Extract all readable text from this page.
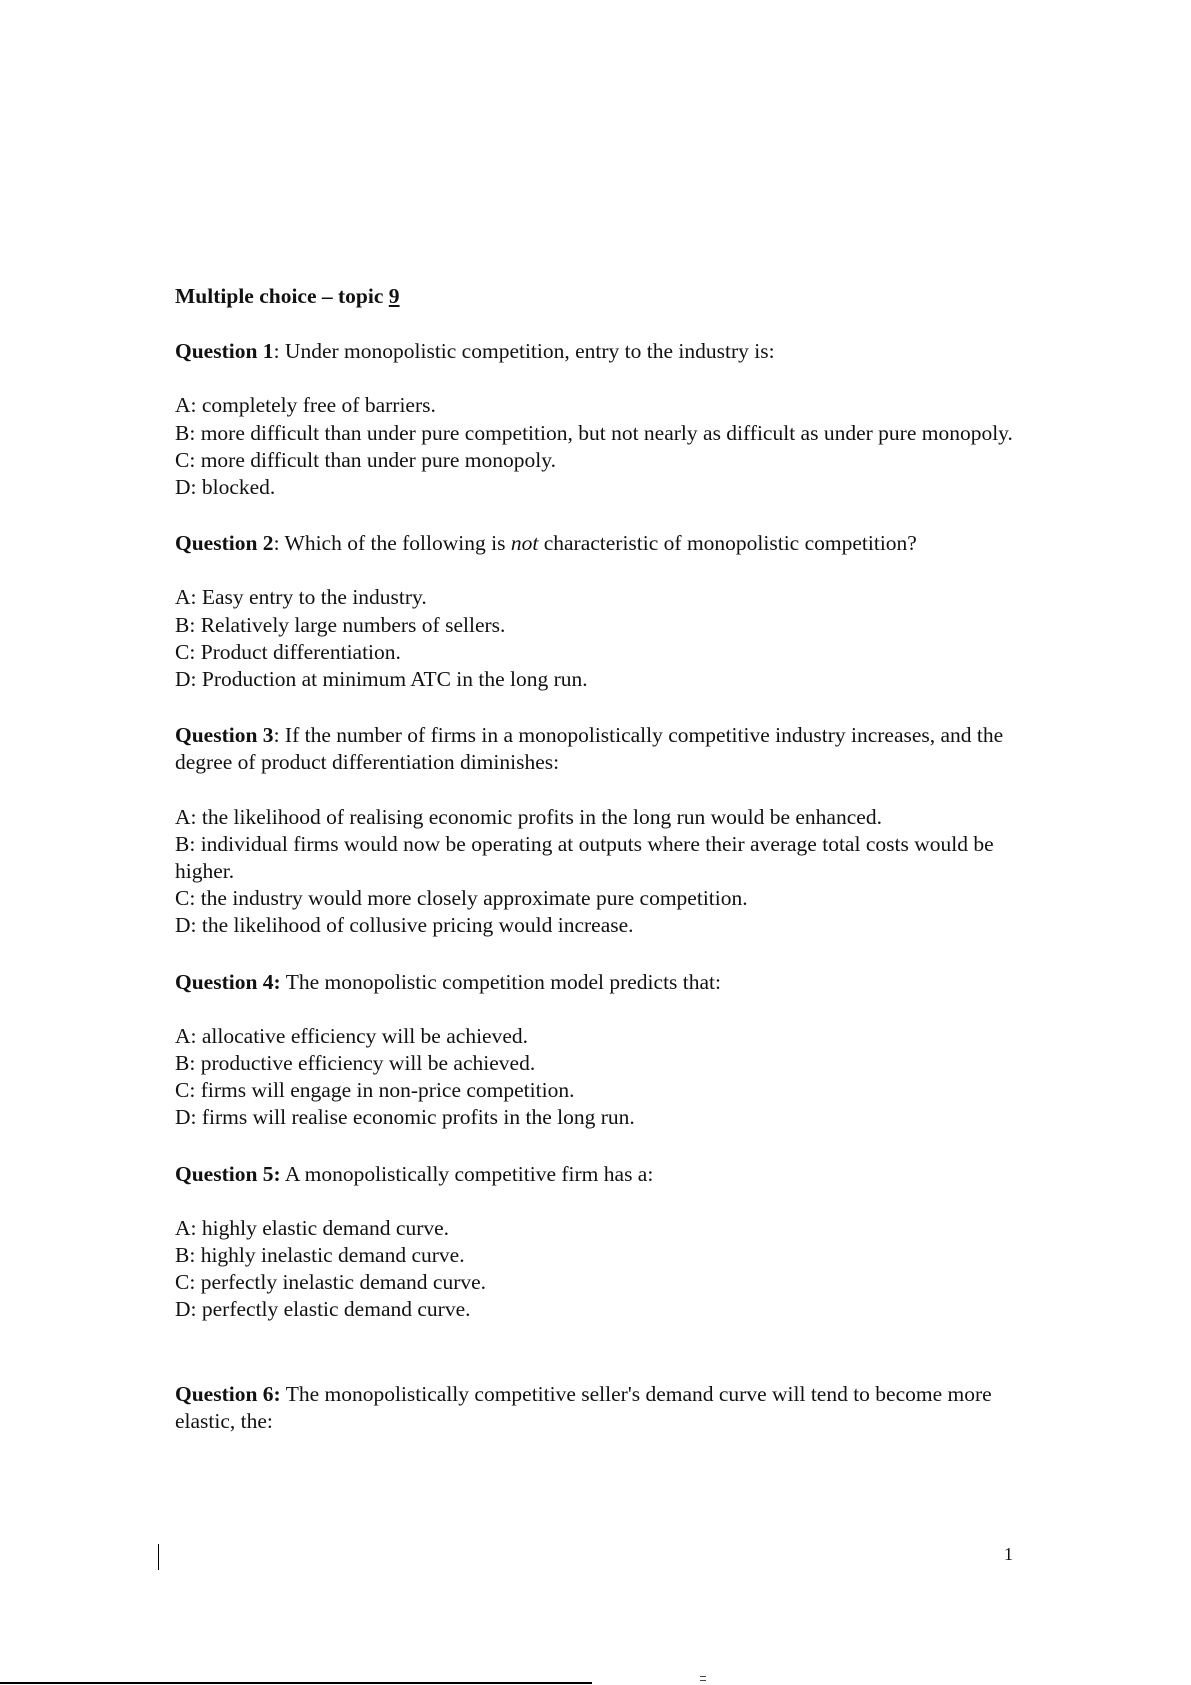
Multiple choice – topic 9

Question 1: Under monopolistic competition, entry to the industry is:

A: completely free of barriers.

B: more difficult than under pure competition, but not nearly as difficult as under pure monopoly.

C: more difficult than under pure monopoly.

D: blocked.

Question 2: Which of the following is not characteristic of monopolistic competition?

A: Easy entry to the industry.

B: Relatively large numbers of sellers.

C: Product differentiation.

D: Production at minimum ATC in the long run.

Question 3: If the number of firms in a monopolistically competitive industry increases, and the degree of product differentiation diminishes:

A: the likelihood of realising economic profits in the long run would be enhanced.

B: individual firms would now be operating at outputs where their average total costs would be higher.

C: the industry would more closely approximate pure competition.

D: the likelihood of collusive pricing would increase.

Question 4: The monopolistic competition model predicts that:

A: allocative efficiency will be achieved.

B: productive efficiency will be achieved.

C: firms will engage in non-price competition.

D: firms will realise economic profits in the long run.

Question 5: A monopolistically competitive firm has a:

A: highly elastic demand curve.

B: highly inelastic demand curve.

C: perfectly inelastic demand curve.

D: perfectly elastic demand curve.

Question 6: The monopolistically competitive seller's demand curve will tend to become more elastic, the:

1
